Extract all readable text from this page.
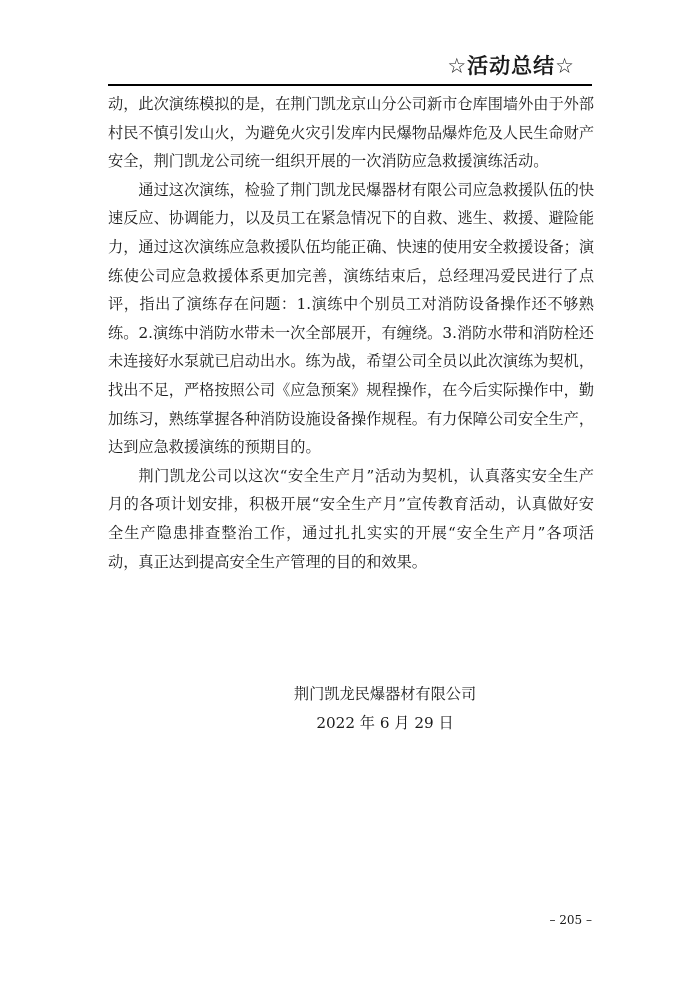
☆活动总结☆

动，此次演练模拟的是，在荆门凯龙京山分公司新市仓库围墙外由于外部村民不慎引发山火，为避免火灾引发库内民爆物品爆炸危及人民生命财产安全，荆门凯龙公司统一组织开展的一次消防应急救援演练活动。

通过这次演练，检验了荆门凯龙民爆器材有限公司应急救援队伍的快速反应、协调能力，以及员工在紧急情况下的自救、逃生、救援、避险能力，通过这次演练应急救援队伍均能正确、快速的使用安全救援设备；演练使公司应急救援体系更加完善，演练结束后，总经理冯爱民进行了点评，指出了演练存在问题：1.演练中个别员工对消防设备操作还不够熟练。2.演练中消防水带未一次全部展开，有缠绕。3.消防水带和消防栓还未连接好水泵就已启动出水。练为战，希望公司全员以此次演练为契机，找出不足，严格按照公司《应急预案》规程操作，在今后实际操作中，勤加练习，熟练掌握各种消防设施设备操作规程。有力保障公司安全生产，达到应急救援演练的预期目的。

荆门凯龙公司以这次“安全生产月”活动为契机，认真落实安全生产月的各项计划安排，积极开展“安全生产月”宣传教育活动，认真做好安全生产隐患排查整治工作，通过扎扎实实的开展“安全生产月”各项活动，真正达到提高安全生产管理的目的和效果。

荆门凯龙民爆器材有限公司
2022 年 6 月 29 日
– 205 –
